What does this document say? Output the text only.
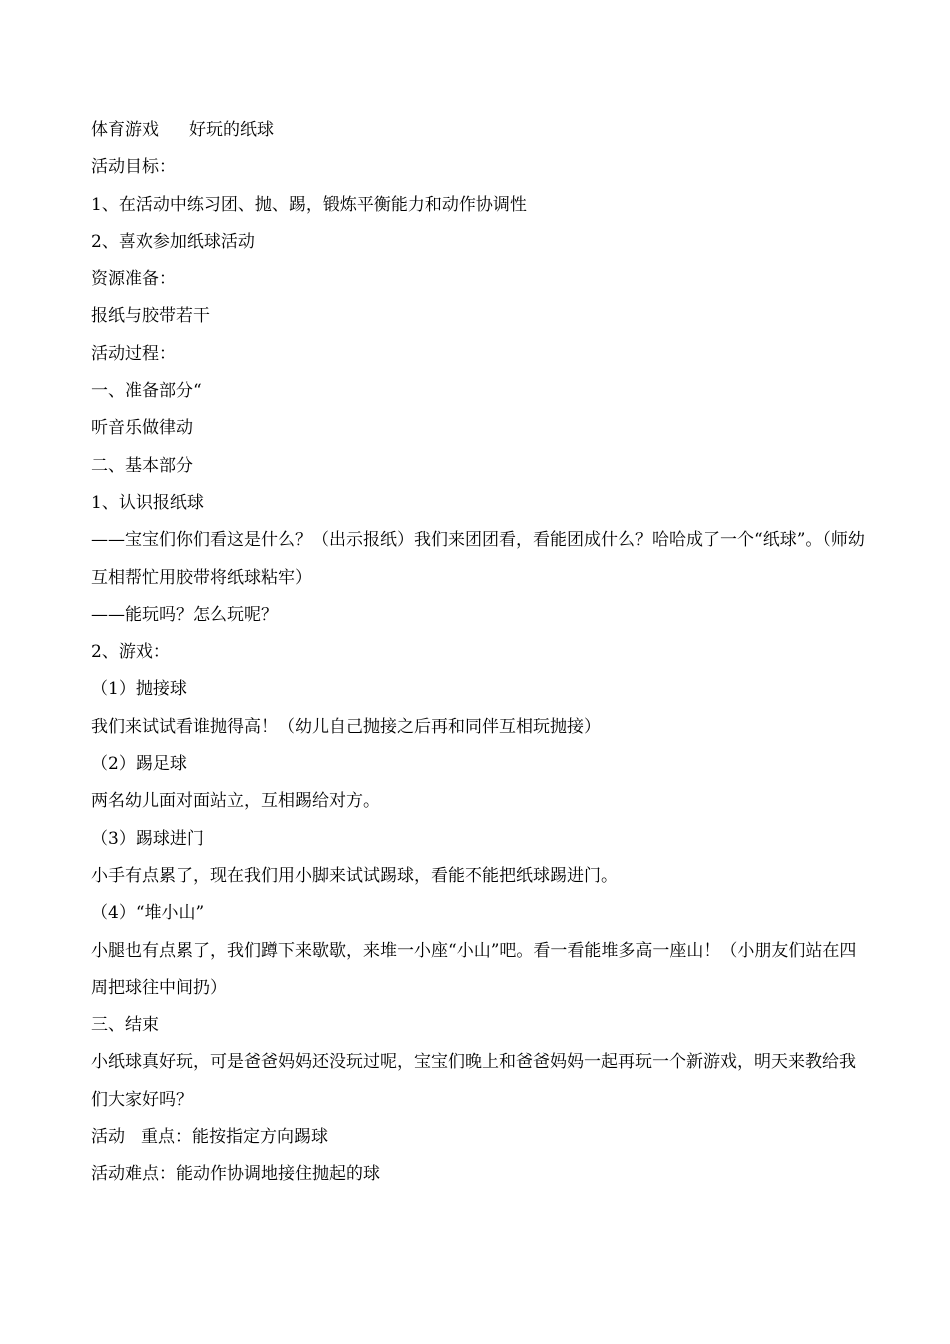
体育游戏 好玩的纸球
活动目标：
1、在活动中练习团、抛、踢，锻炼平衡能力和动作协调性
2、喜欢参加纸球活动
资源准备：
报纸与胶带若干
活动过程：
一、准备部分“
听音乐做律动
二、基本部分
1、认识报纸球
——宝宝们你们看这是什么？（出示报纸）我们来团团看，看能团成什么？哈哈成了一个“纸球”。（师幼互相帮忙用胶带将纸球粘牢）
——能玩吗？怎么玩呢？
2、游戏：
（1）抛接球
我们来试试看谁抛得高！（幼儿自己抛接之后再和同伴互相玩抛接）
（2）踢足球
两名幼儿面对面站立，互相踢给对方。
（3）踢球进门
小手有点累了，现在我们用小脚来试试踢球，看能不能把纸球踢进门。
（4）“堆小山”
小腿也有点累了，我们蹲下来歇歇，来堆一小座“小山”吧。看一看能堆多高一座山！（小朋友们站在四周把球往中间扔）
三、结束
小纸球真好玩，可是爸爸妈妈还没玩过呢，宝宝们晚上和爸爸妈妈一起再玩一个新游戏，明天来教给我们大家好吗？
活动 重点：能按指定方向踢球
活动难点：能动作协调地接住抛起的球
